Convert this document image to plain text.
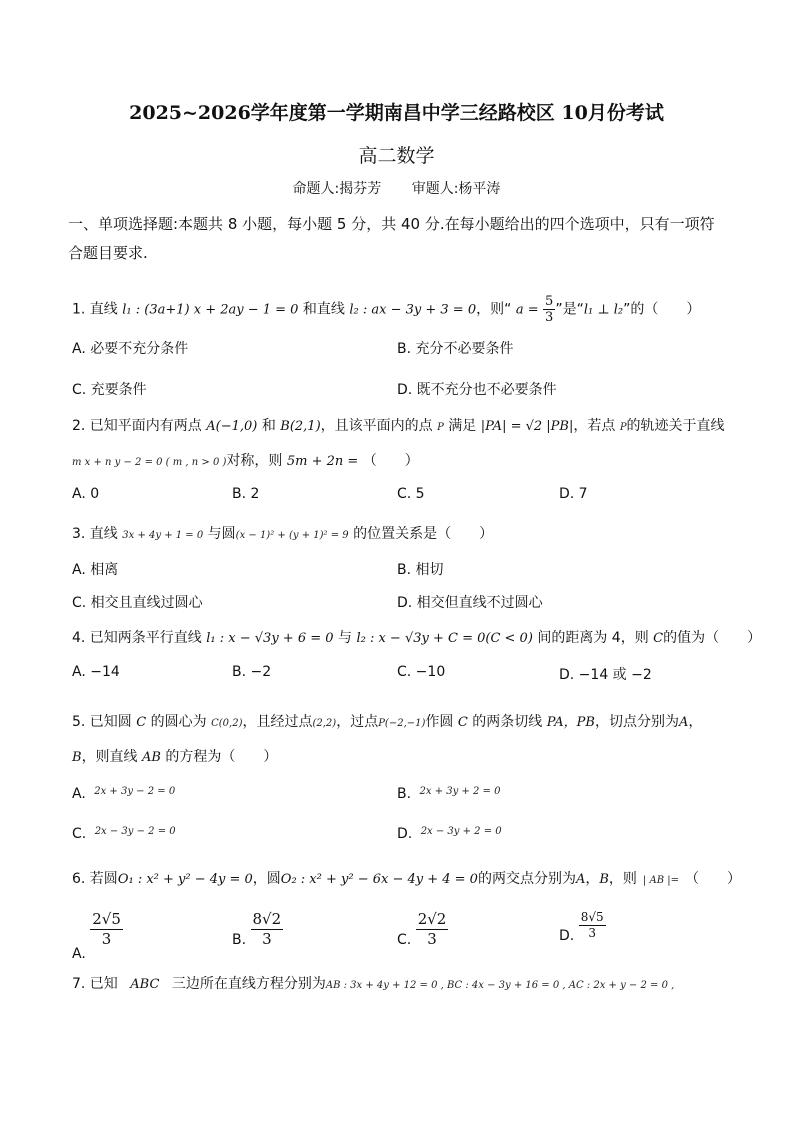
2025~2026学年度第一学期南昌中学三经路校区 10月份考试
高二数学
命题人:揭芬芳 审题人:杨平涛
一、单项选择题:本题共 8 小题，每小题 5 分，共 40 分.在每小题给出的四个选项中，只有一项符合题目要求.
1. 直线 l₁ : (3a+1) x + 2ay − 1 = 0 和直线 l₂ : ax − 3y + 3 = 0，则“ $a = \frac{5}{3}$ ”是“l₁ ⊥ l₂”的（　　）
A. 必要不充分条件	B. 充分不必要条件
C. 充要条件	D. 既不充分也不必要条件
2. 已知平面内有两点 A(−1,0) 和 B(2,1)，且该平面内的点 P 满足 |PA| = √2 |PB|，若点 P的轨迹关于直线
m x + n y − 2 = 0 ( m , n > 0 )对称，则 5m + 2n = （　　）
A. 0	B. 2	C. 5	D. 7
3. 直线 3x + 4y + 1 = 0 与圆(x − 1)² + (y + 1)² = 9 的位置关系是（　　）
A. 相离	B. 相切
C. 相交且直线过圆心	D. 相交但直线不过圆心
4. 已知两条平行直线 l₁ : x − √3y + 6 = 0 与 l₂ : x − √3y + C = 0(C < 0) 间的距离为 4，则 C的值为（　　）
A. −14	B. −2	C. −10	D. −14 或 −2
5. 已知圆 C 的圆心为 C(0,2)，且经过点(2,2)，过点P(−2,−1)作圆 C 的两条切线 PA，PB，切点分别为A，
B，则直线 AB 的方程为（　　）
A. $^{2x + 3y - 2 = 0}$	B. $^{2x + 3y + 2 = 0}$
C. $^{2x - 3y - 2 = 0}$	D. $^{2x - 3y + 2 = 0}$
6. 若圆O₁ : x² + y² − 4y = 0，圆O₂ : x² + y² − 6x − 4y + 4 = 0的两交点分别为A，B，则 | AB |= （　　）
A.
$\frac{2√5}{3}$	B. $\frac{8√2}{3}$	C. $\frac{2√2}{3}$	D. $\frac{8√5}{3}$
7. 已知 ABC 三边所在直线方程分别为AB : 3x + 4y + 12 = 0 , BC : 4x − 3y + 16 = 0 , AC : 2x + y − 2 = 0 ,
